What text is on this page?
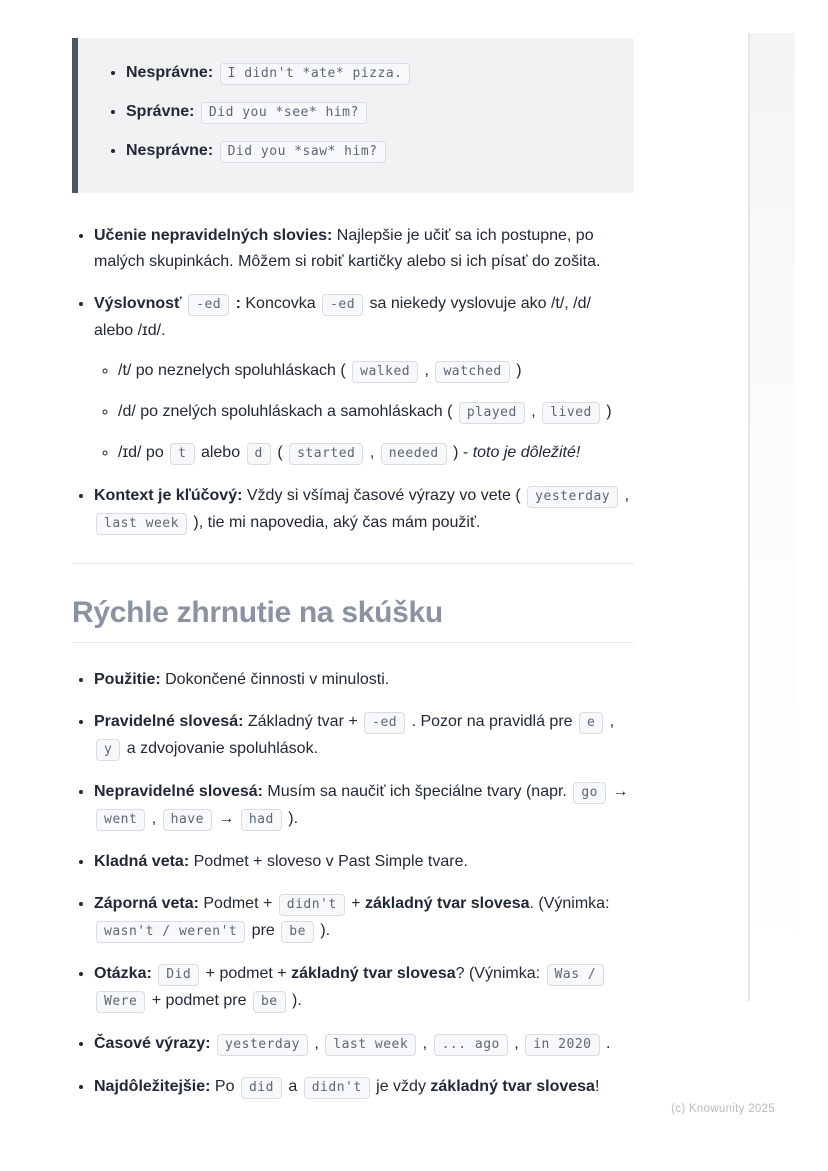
• Nesprávne: I didn't *ate* pizza.
• Správne: Did you *see* him?
• Nesprávne: Did you *saw* him?
• Učenie nepravidelných slovies: Najlepšie je učiť sa ich postupne, po malých skupinkách. Môžem si robiť kartičky alebo si ich písať do zošita.
• Výslovnosť -ed : Koncovka -ed sa niekedy vyslovuje ako /t/, /d/ alebo /ɪd/.
◦ /t/ po neznelych spoluhláskach ( walked , watched )
◦ /d/ po znelých spoluhláskach a samohláskach ( played , lived )
◦ /ɪd/ po t alebo d ( started , needed ) - toto je dôležité!
• Kontext je kľúčový: Vždy si všímaj časové výrazy vo vete ( yesterday , last week ), tie mi napovedia, aký čas mám použiť.
Rýchle zhrnutie na skúšku
• Použitie: Dokončené činnosti v minulosti.
• Pravidelné slovesá: Základný tvar + -ed . Pozor na pravidlá pre e , y a zdvojovanie spoluhlások.
• Nepravidelné slovesá: Musím sa naučiť ich špeciálne tvary (napr. go → went , have → had ).
• Kladná veta: Podmet + sloveso v Past Simple tvare.
• Záporná veta: Podmet + didn't + základný tvar slovesa. (Výnimka: wasn't / weren't pre be ).
• Otázka: Did + podmet + základný tvar slovesa? (Výnimka: Was / Were + podmet pre be ).
• Časové výrazy: yesterday , last week , ... ago , in 2020 .
• Najdôležitejšie: Po did a didn't je vždy základný tvar slovesa!
(c) Knowunity 2025
